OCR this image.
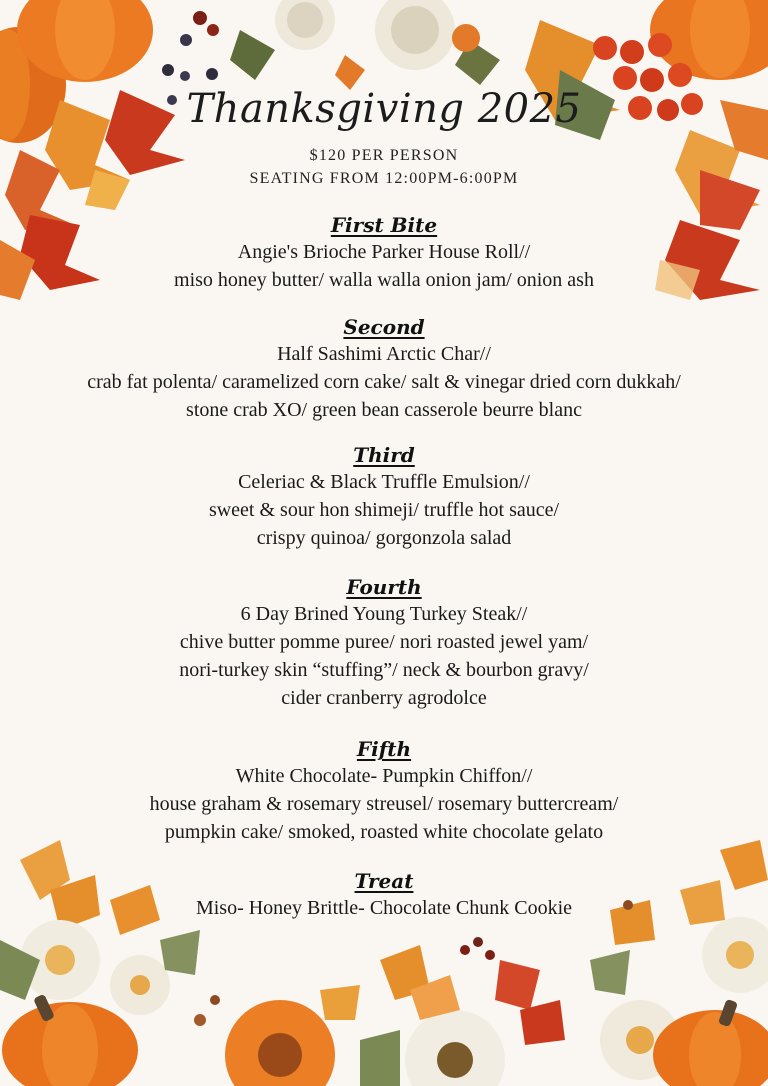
Thanksgiving 2025
$120 PER PERSON
SEATING FROM 12:00PM-6:00PM
First Bite
Angie's Brioche Parker House Roll//
miso honey butter/ walla walla onion jam/ onion ash
Second
Half Sashimi Arctic Char//
crab fat polenta/ caramelized corn cake/ salt & vinegar dried corn dukkah/
stone crab XO/ green bean casserole beurre blanc
Third
Celeriac & Black Truffle Emulsion//
sweet & sour hon shimeji/ truffle hot sauce/
crispy quinoa/ gorgonzola salad
Fourth
6 Day Brined Young Turkey Steak//
chive butter pomme puree/ nori roasted jewel yam/
nori-turkey skin “stuffing”/ neck & bourbon gravy/
cider cranberry agrodolce
Fifth
White Chocolate- Pumpkin Chiffon//
house graham & rosemary streusel/ rosemary buttercream/
pumpkin cake/ smoked, roasted white chocolate gelato
Treat
Miso- Honey Brittle- Chocolate Chunk Cookie
